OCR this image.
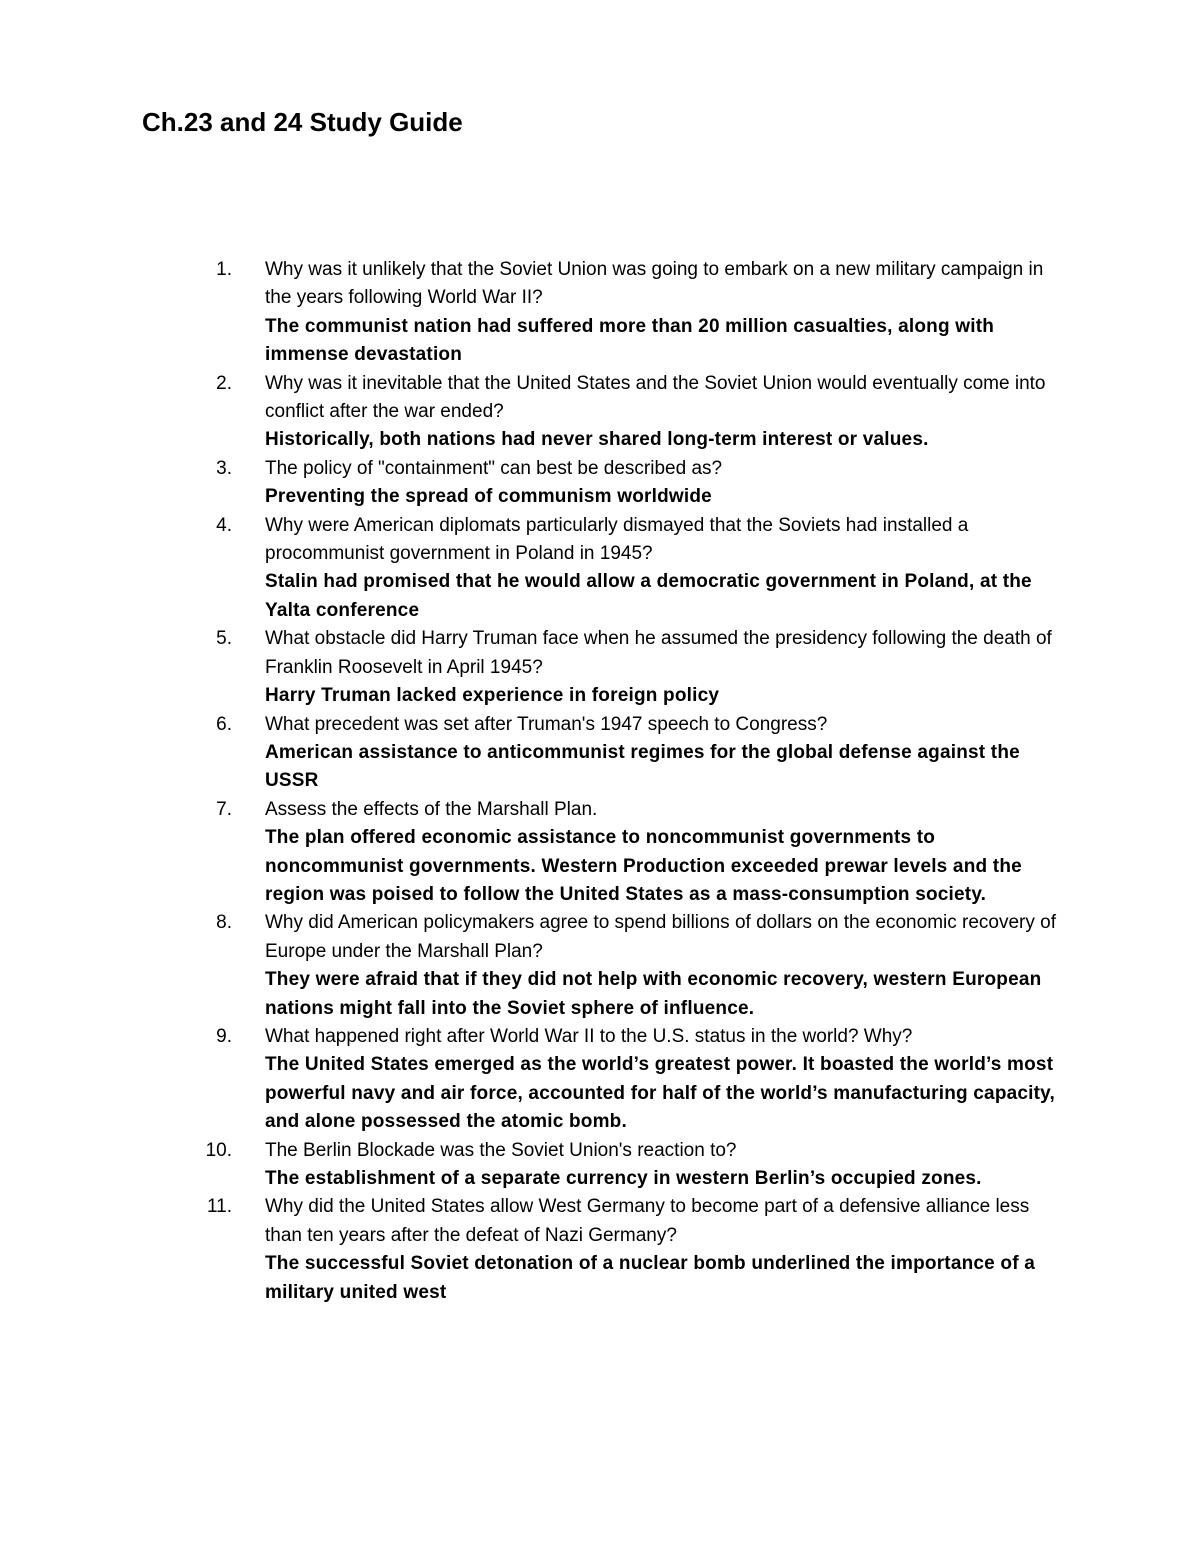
Ch.23 and 24 Study Guide
1. Why was it unlikely that the Soviet Union was going to embark on a new military campaign in the years following World War II?
The communist nation had suffered more than 20 million casualties, along with immense devastation
2. Why was it inevitable that the United States and the Soviet Union would eventually come into conflict after the war ended?
Historically, both nations had never shared long-term interest or values.
3. The policy of "containment" can best be described as?
Preventing the spread of communism worldwide
4. Why were American diplomats particularly dismayed that the Soviets had installed a procommunist government in Poland in 1945?
Stalin had promised that he would allow a democratic government in Poland, at the Yalta conference
5. What obstacle did Harry Truman face when he assumed the presidency following the death of Franklin Roosevelt in April 1945?
Harry Truman lacked experience in foreign policy
6. What precedent was set after Truman's 1947 speech to Congress?
American assistance to anticommunist regimes for the global defense against the USSR
7. Assess the effects of the Marshall Plan.
The plan offered economic assistance to noncommunist governments to noncommunist governments. Western Production exceeded prewar levels and the region was poised to follow the United States as a mass-consumption society.
8. Why did American policymakers agree to spend billions of dollars on the economic recovery of Europe under the Marshall Plan?
They were afraid that if they did not help with economic recovery, western European nations might fall into the Soviet sphere of influence.
9. What happened right after World War II to the U.S. status in the world? Why?
The United States emerged as the world’s greatest power. It boasted the world’s most powerful navy and air force, accounted for half of the world’s manufacturing capacity, and alone possessed the atomic bomb.
10. The Berlin Blockade was the Soviet Union's reaction to?
The establishment of a separate currency in western Berlin’s occupied zones.
11. Why did the United States allow West Germany to become part of a defensive alliance less than ten years after the defeat of Nazi Germany?
The successful Soviet detonation of a nuclear bomb underlined the importance of a military united west
